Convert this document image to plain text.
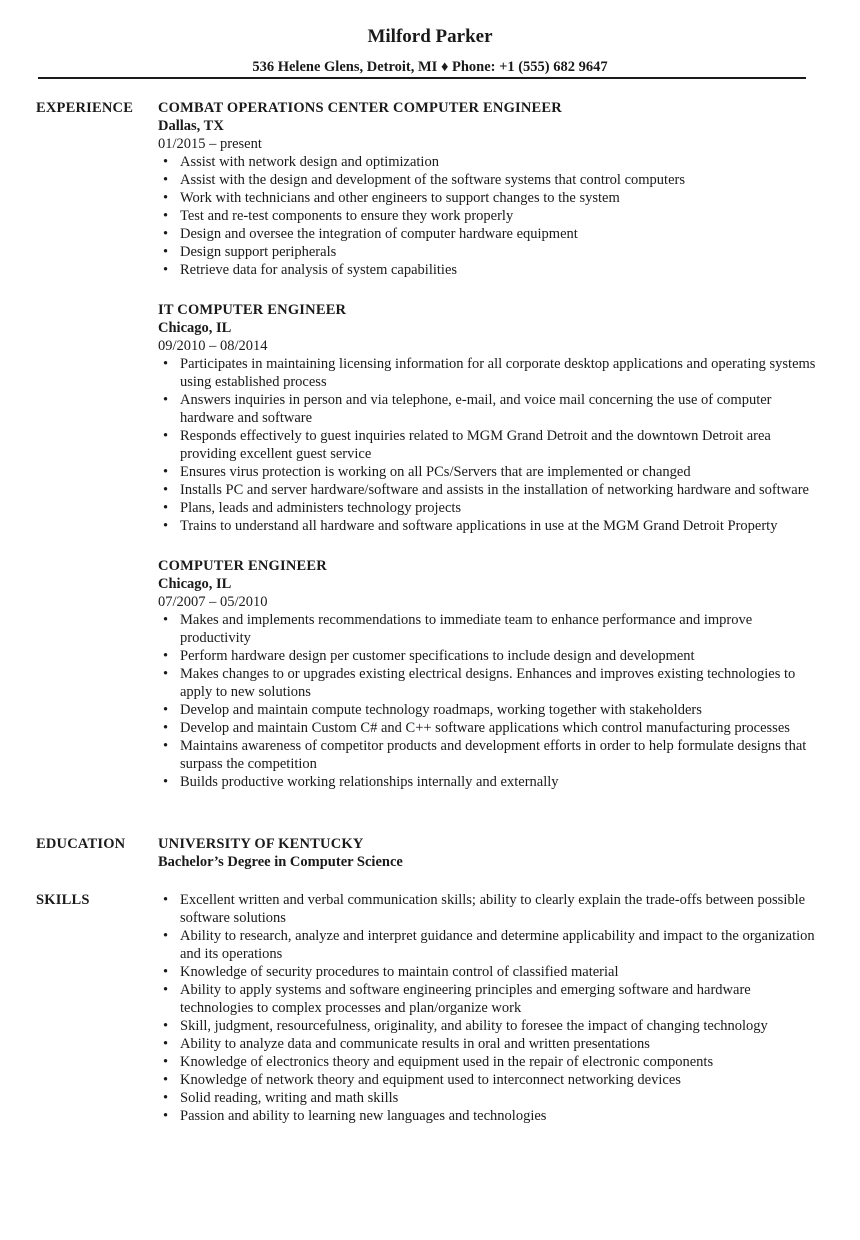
Milford Parker
536 Helene Glens, Detroit, MI ♦ Phone: +1 (555) 682 9647
EXPERIENCE COMBAT OPERATIONS CENTER COMPUTER ENGINEER
Dallas, TX
01/2015 – present
• Assist with network design and optimization
• Assist with the design and development of the software systems that control computers
• Work with technicians and other engineers to support changes to the system
• Test and re-test components to ensure they work properly
• Design and oversee the integration of computer hardware equipment
• Design support peripherals
• Retrieve data for analysis of system capabilities
IT COMPUTER ENGINEER
Chicago, IL
09/2010 – 08/2014
• Participates in maintaining licensing information for all corporate desktop applications and operating systems using established process
• Answers inquiries in person and via telephone, e-mail, and voice mail concerning the use of computer hardware and software
• Responds effectively to guest inquiries related to MGM Grand Detroit and the downtown Detroit area providing excellent guest service
• Ensures virus protection is working on all PCs/Servers that are implemented or changed
• Installs PC and server hardware/software and assists in the installation of networking hardware and software
• Plans, leads and administers technology projects
• Trains to understand all hardware and software applications in use at the MGM Grand Detroit Property
COMPUTER ENGINEER
Chicago, IL
07/2007 – 05/2010
• Makes and implements recommendations to immediate team to enhance performance and improve productivity
• Perform hardware design per customer specifications to include design and development
• Makes changes to or upgrades existing electrical designs. Enhances and improves existing technologies to apply to new solutions
• Develop and maintain compute technology roadmaps, working together with stakeholders
• Develop and maintain Custom C# and C++ software applications which control manufacturing processes
• Maintains awareness of competitor products and development efforts in order to help formulate designs that surpass the competition
• Builds productive working relationships internally and externally
EDUCATION UNIVERSITY OF KENTUCKY
Bachelor’s Degree in Computer Science
SKILLS
•	Excellent written and verbal communication skills; ability to clearly explain the trade-offs between possible software solutions
• Ability to research, analyze and interpret guidance and determine applicability and impact to the organization and its operations
• Knowledge of security procedures to maintain control of classified material
• Ability to apply systems and software engineering principles and emerging software and hardware technologies to complex processes and plan/organize work
• Skill, judgment, resourcefulness, originality, and ability to foresee the impact of changing technology
• Ability to analyze data and communicate results in oral and written presentations
• Knowledge of electronics theory and equipment used in the repair of electronic components
• Knowledge of network theory and equipment used to interconnect networking devices
• Solid reading, writing and math skills
• Passion and ability to learning new languages and technologies
